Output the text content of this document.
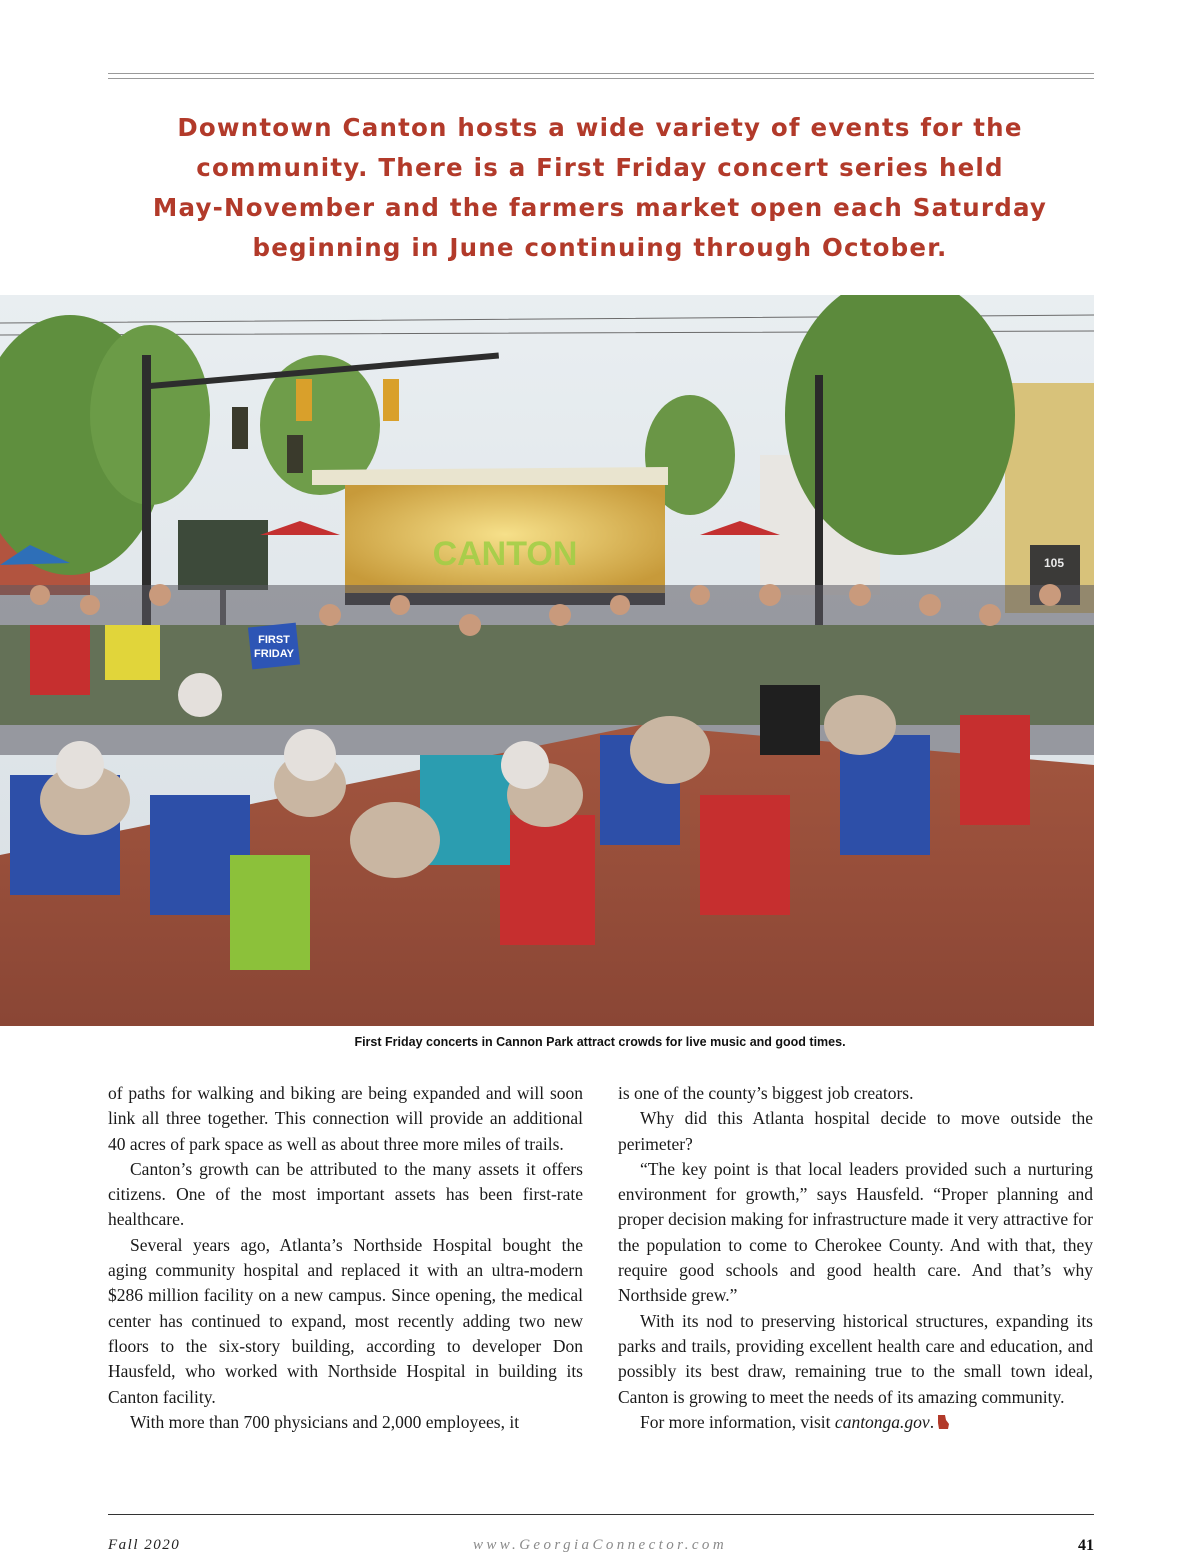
Downtown Canton hosts a wide variety of events for the
community. There is a First Friday concert series held
May-November and the farmers market open each Saturday
beginning in June continuing through October.
105
CANTON
FIRST
FRIDAY

First Friday concerts in Cannon Park attract crowds for live music and good times.

of paths for walking and biking are being expanded and will soon link all three together. This connection will provide an additional 40 acres of park space as well as about three more miles of trails.

Canton’s growth can be attributed to the many assets it offers citizens. One of the most important assets has been first-rate healthcare.

Several years ago, Atlanta’s Northside Hospital bought the aging community hospital and replaced it with an ultra-modern $286 million facility on a new campus. Since opening, the medical center has continued to expand, most recently adding two new floors to the six-story building, according to developer Don Hausfeld, who worked with Northside Hospital in building its Canton facility.

With more than 700 physicians and 2,000 employees, it

is one of the county’s biggest job creators.

Why did this Atlanta hospital decide to move outside the perimeter?

“The key point is that local leaders provided such a nurturing environment for growth,” says Hausfeld. “Proper planning and proper decision making for infrastructure made it very attractive for the population to come to Cherokee County. And with that, they require good schools and good health care. And that’s why Northside grew.”

With its nod to preserving historical structures, expanding its parks and trails, providing excellent health care and education, and possibly its best draw, remaining true to the small town ideal, Canton is growing to meet the needs of its amazing community.

For more information, visit cantonga.gov.

Fall 2020	www.GeorgiaConnector.com	41
